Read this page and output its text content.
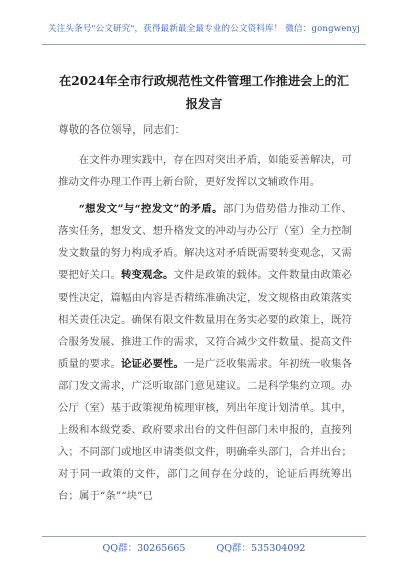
关注头条号"公文研究"，获得最新最全最专业的公文资料库！ 微信：gongwenyj
在2024年全市行政规范性文件管理工作推进会上的汇报发言
尊敬的各位领导，同志们：

在文件办理实践中，存在四对突出矛盾，如能妥善解决，可推动文件办理工作再上新台阶，更好发挥以文辅政作用。

“想发文”与“控发文”的矛盾。部门为借势借力推动工作、落实任务，想发文、想升格发文的冲动与办公厅（室）全力控制发文数量的努力构成矛盾。解决这对矛盾既需要转变观念，又需要把好关口。转变观念。文件是政策的载体。文件数量由政策必要性决定，篇幅由内容是否精练准确决定，发文规格由政策落实相关责任决定。确保有限文件数量用在务实必要的政策上，既符合服务发展、推进工作的需求，又符合减少文件数量、提高文件质量的要求。论证必要性。一是广泛收集需求。年初统一收集各部门发文需求，广泛听取部门意见建议。二是科学集约立项。办公厅（室）基于政策视角梳理审核，列出年度计划清单。其中，上级和本级党委、政府要求出台的文件但部门未申报的，直接列入；不同部门或地区申请类似文件，明确牵头部门，合并出台；对于同一政策的文件，部门之间存在分歧的，论证后再统筹出台；属于“条”“块”已

QQ群：30265665	QQ群：535304092
